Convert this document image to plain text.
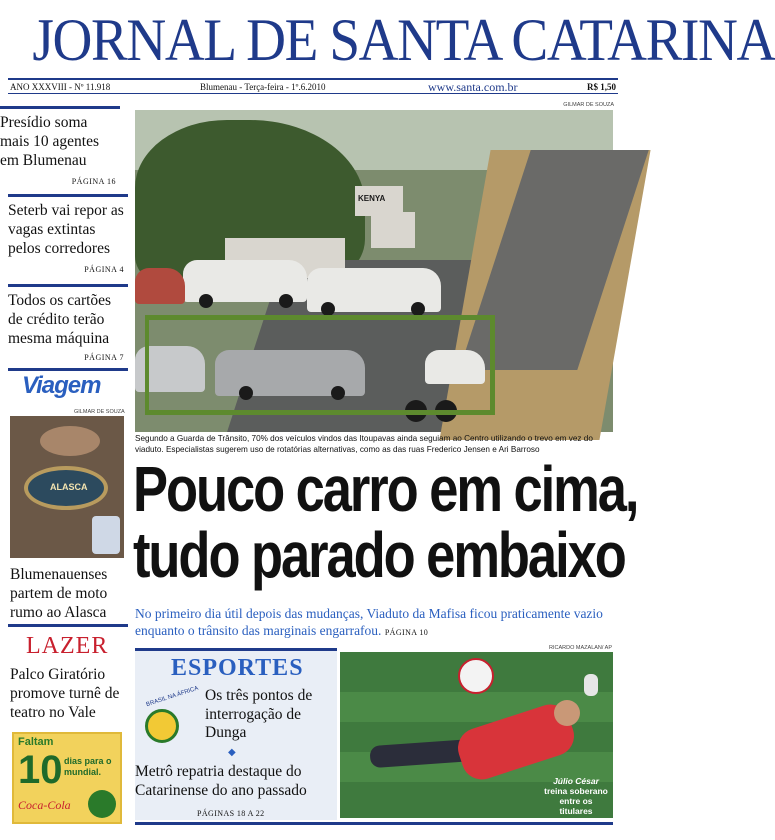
JORNAL DE SANTA CATARINA
ANO XXXVIII - Nº 11.918	Blumenau - Terça-feira - 1º.6.2010	www.santa.com.br	R$ 1,50
Presídio soma mais 10 agentes em Blumenau
PÁGINA 16
Seterb vai repor as vagas extintas pelos corredores
PÁGINA 4
Todos os cartões de crédito terão mesma máquina
PÁGINA 7
Viagem
GILMAR DE SOUZA
ALASCA
Blumenauenses partem de moto rumo ao Alasca
LAZER
Palco Giratório promove turnê de teatro no Vale
Faltam
10 dias para o mundial.
Coca-Cola
GILMAR DE SOUZA
KENYA
Segundo a Guarda de Trânsito, 70% dos veículos vindos das Itoupavas ainda seguiam ao Centro utilizando o trevo em vez do viaduto. Especialistas sugerem uso de rotatórias alternativas, como as das ruas Frederico Jensen e Ari Barroso
Pouco carro em cima,
tudo parado embaixo
No primeiro dia útil depois das mudanças, Viaduto da Mafisa ficou praticamente vazio enquanto o trânsito das marginais engarrafou. PÁGINA 10
ESPORTES
BRASIL NA ÁFRICA Os três pontos de interrogação de Dunga
◆
Metrô repatria destaque do Catarinense do ano passado
PÁGINAS 18 A 22
RICARDO MAZALAN/ AP
Júlio César
treina soberano entre os titulares
